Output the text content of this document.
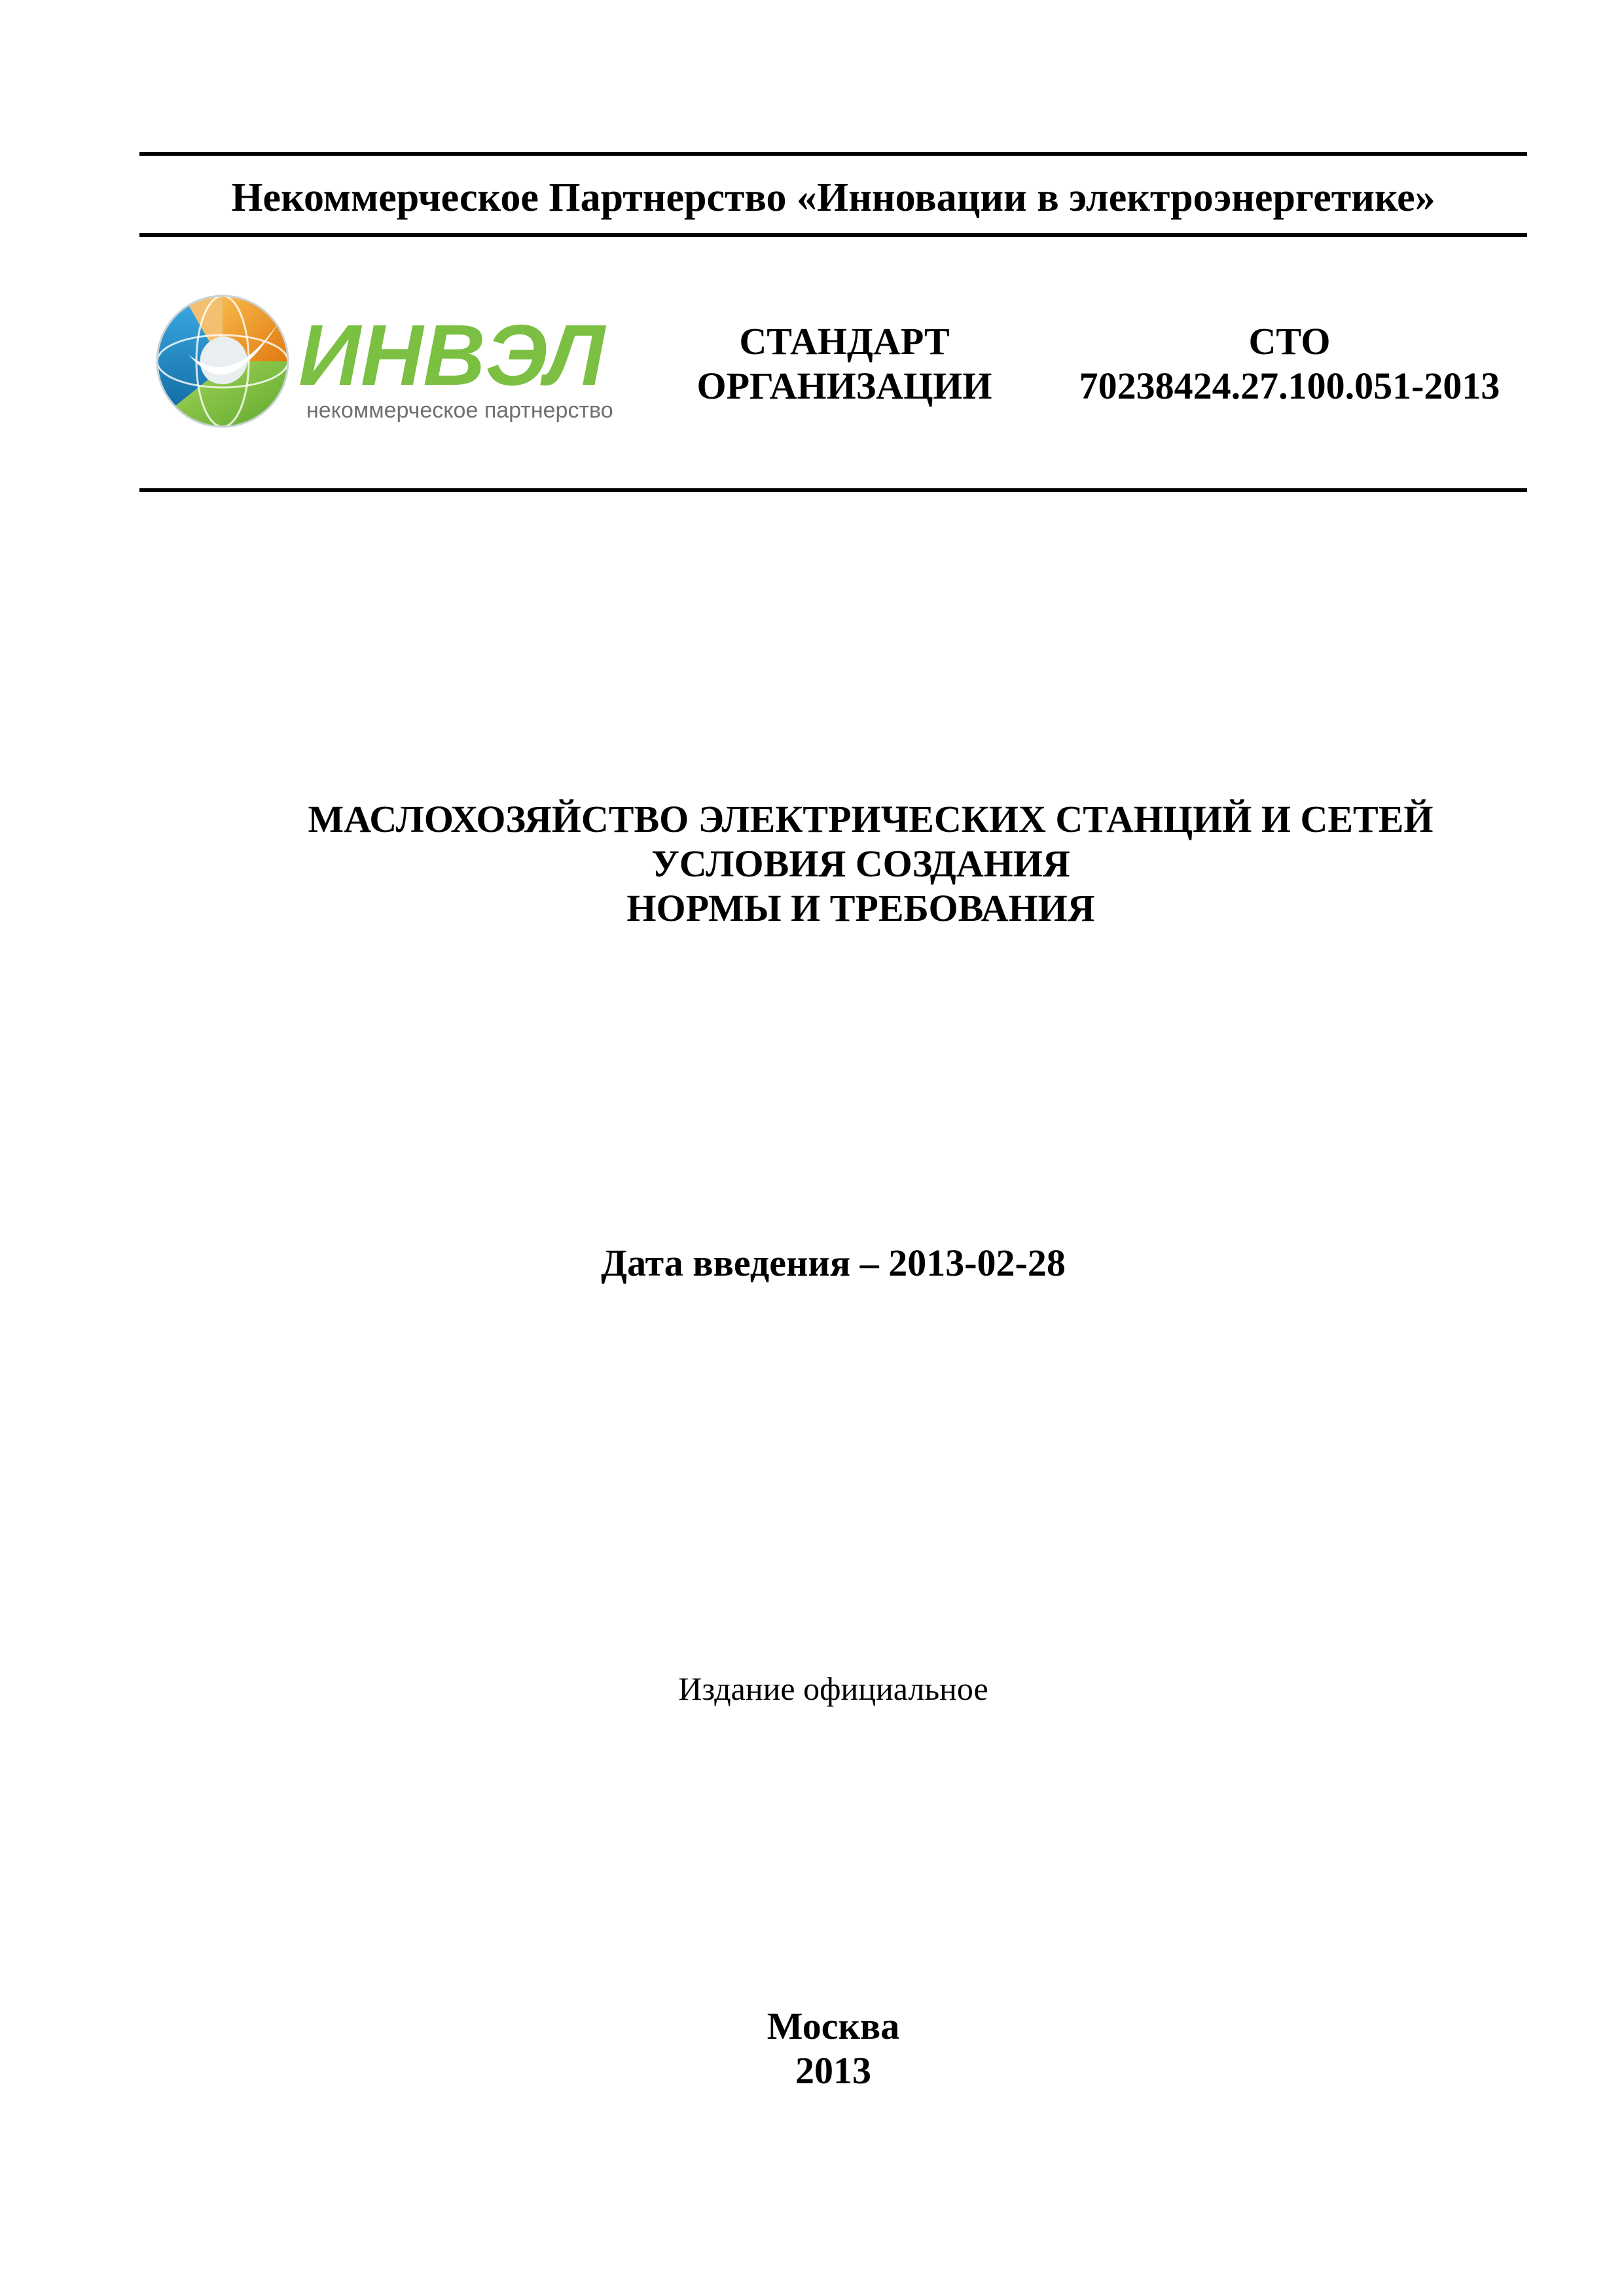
Некоммерческое Партнерство «Инновации в электроэнергетике»
ИНВЭЛ
некоммерческое партнерство
СТАНДАРТ
ОРГАНИЗАЦИИ
СТО
70238424.27.100.051-2013
МАСЛОХОЗЯЙСТВО ЭЛЕКТРИЧЕСКИХ СТАНЦИЙ И СЕТЕЙ
УСЛОВИЯ СОЗДАНИЯ
НОРМЫ И ТРЕБОВАНИЯ
Дата введения – 2013-02-28
Издание официальное
Москва
2013
